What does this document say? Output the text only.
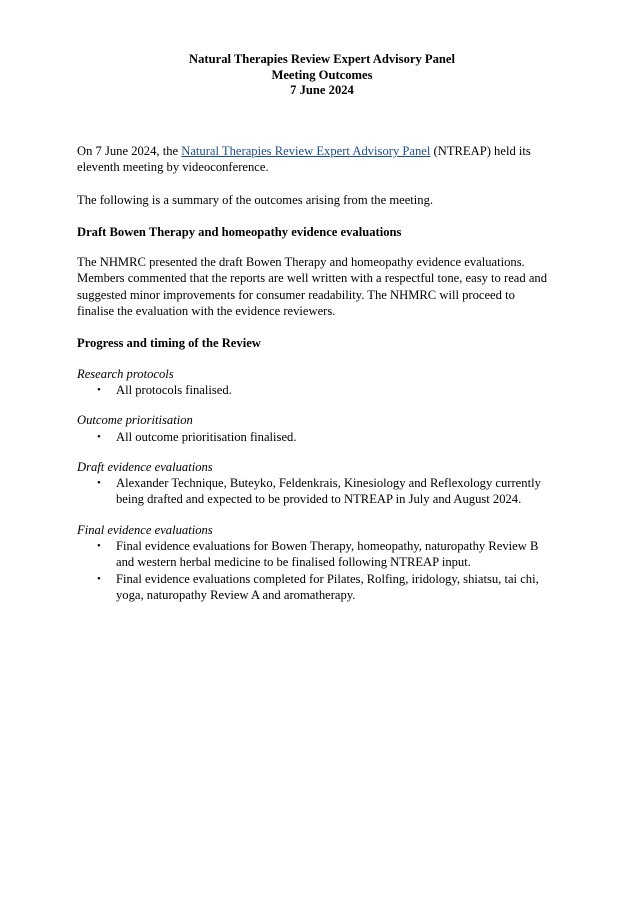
Natural Therapies Review Expert Advisory Panel
Meeting Outcomes
7 June 2024

On 7 June 2024, the Natural Therapies Review Expert Advisory Panel (NTREAP) held its
eleventh meeting by videoconference.

The following is a summary of the outcomes arising from the meeting.

Draft Bowen Therapy and homeopathy evidence evaluations

The NHMRC presented the draft Bowen Therapy and homeopathy evidence evaluations.
Members commented that the reports are well written with a respectful tone, easy to read and
suggested minor improvements for consumer readability. The NHMRC will proceed to
finalise the evaluation with the evidence reviewers.

Progress and timing of the Review

Research protocols

• All protocols finalised.

Outcome prioritisation

• All outcome prioritisation finalised.

Draft evidence evaluations

• Alexander Technique, Buteyko, Feldenkrais, Kinesiology and Reflexology currently
being drafted and expected to be provided to NTREAP in July and August 2024.

Final evidence evaluations

• Final evidence evaluations for Bowen Therapy, homeopathy, naturopathy Review B
and western herbal medicine to be finalised following NTREAP input.
• Final evidence evaluations completed for Pilates, Rolfing, iridology, shiatsu, tai chi,
yoga, naturopathy Review A and aromatherapy.
